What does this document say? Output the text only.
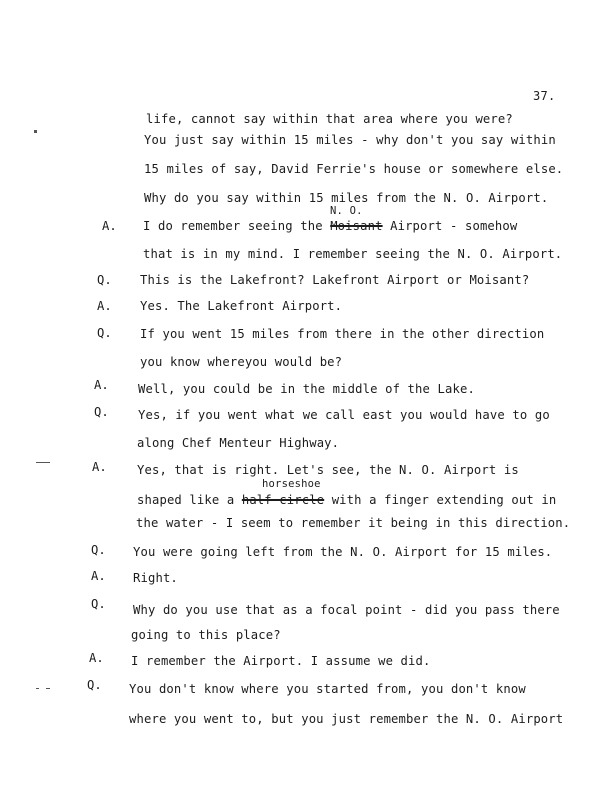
37.
life, cannot say within that area where you were?
You just say within 15 miles - why don't you say within
15 miles of say, David Ferrie's house or somewhere else.
Why do you say within 15 miles from the N. O. Airport.
A.
N. O.
I do remember seeing the Moisant Airport - somehow
that is in my mind. I remember seeing the N. O. Airport.
Q. This is the Lakefront? Lakefront Airport or Moisant?
A. Yes. The Lakefront Airport.
Q. If you went 15 miles from there in the other direction
you know whereyou would be?
A. Well, you could be in the middle of the Lake.
Q. Yes, if you went what we call east you would have to go
along Chef Menteur Highway.
A. Yes, that is right. Let's see, the N. O. Airport is
horseshoe
shaped like a half circle with a finger extending out in
the water - I seem to remember it being in this direction.
Q. You were going left from the N. O. Airport for 15 miles.
A. Right.
Q. Why do you use that as a focal point - did you pass there
going to this place?
A. I remember the Airport. I assume we did.
Q. You don't know where you started from, you don't know
where you went to, but you just remember the N. O. Airport
